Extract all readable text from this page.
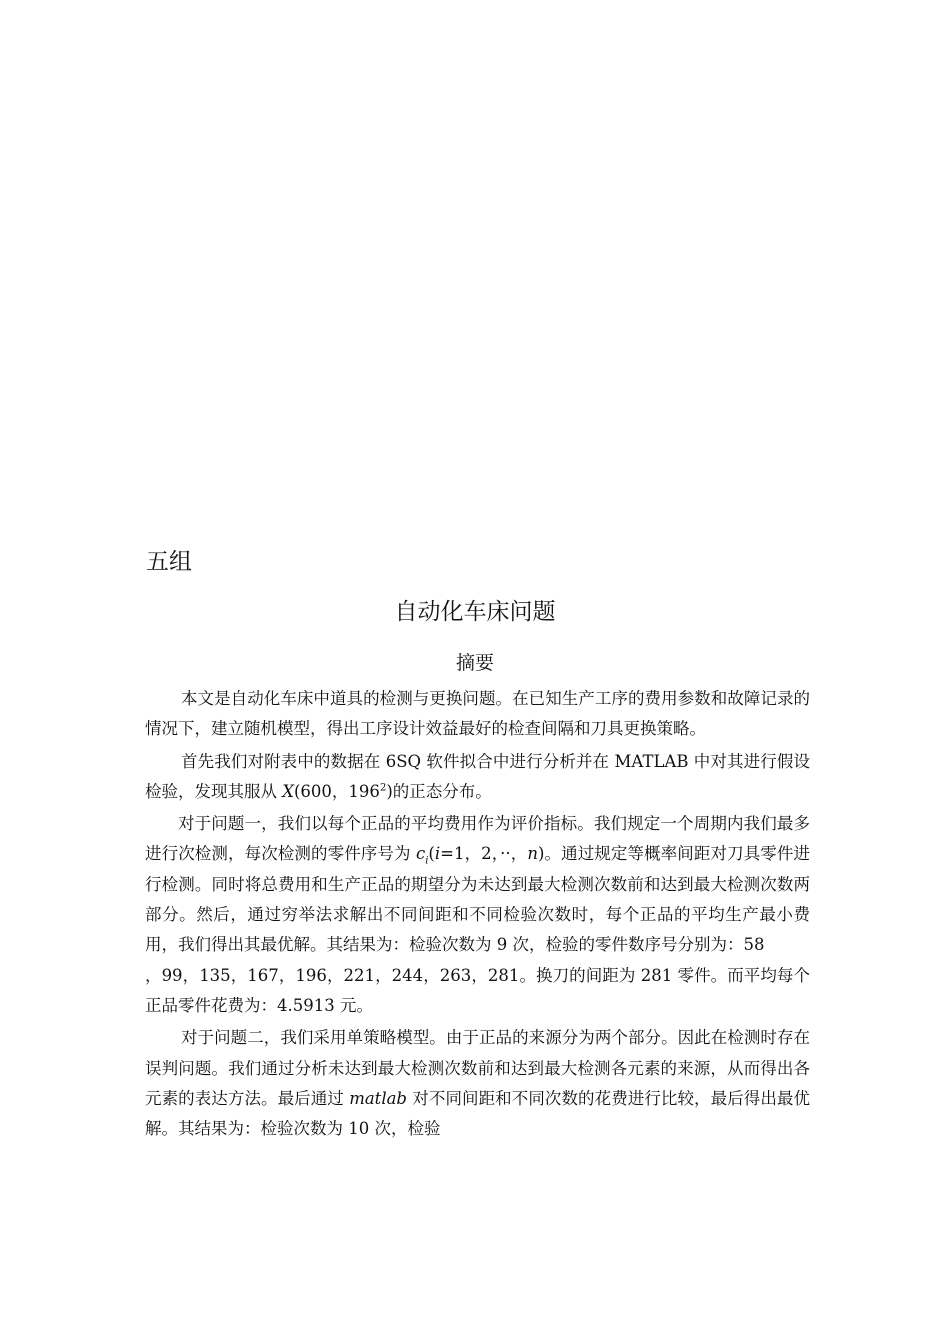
五组
自动化车床问题
摘要

本文是自动化车床中道具的检测与更换问题。在已知生产工序的费用参数和故障记录的情况下，建立随机模型，得出工序设计效益最好的检查间隔和刀具更换策略。

首先我们对附表中的数据在 6SQ 软件拟合中进行分析并在 MATLAB 中对其进行假设检验，发现其服从 X(600，$196^2$)的正态分布。

对于问题一，我们以每个正品的平均费用作为评价指标。我们规定一个周期内我们最多进行次检测，每次检测的零件序号为 $c_i(i=1$，2，··，n)。通过规定等概率间距对刀具零件进行检测。同时将总费用和生产正品的期望分为未达到最大检测次数前和达到最大检测次数两部分。然后，通过穷举法求解出不同间距和不同检验次数时，每个正品的平均生产最小费用，我们得出其最优解。其结果为：检验次数为 9 次，检验的零件数序号分别为：58
，99，135，167，196，221，244，263，281。换刀的间距为 281 零件。而平均每个正品零件花费为：4.5913 元。

对于问题二，我们采用单策略模型。由于正品的来源分为两个部分。因此在检测时存在误判问题。我们通过分析未达到最大检测次数前和达到最大检测各元素的来源，从而得出各元素的表达方法。最后通过 matlab 对不同间距和不同次数的花费进行比较，最后得出最优解。其结果为：检验次数为 10 次，检验
